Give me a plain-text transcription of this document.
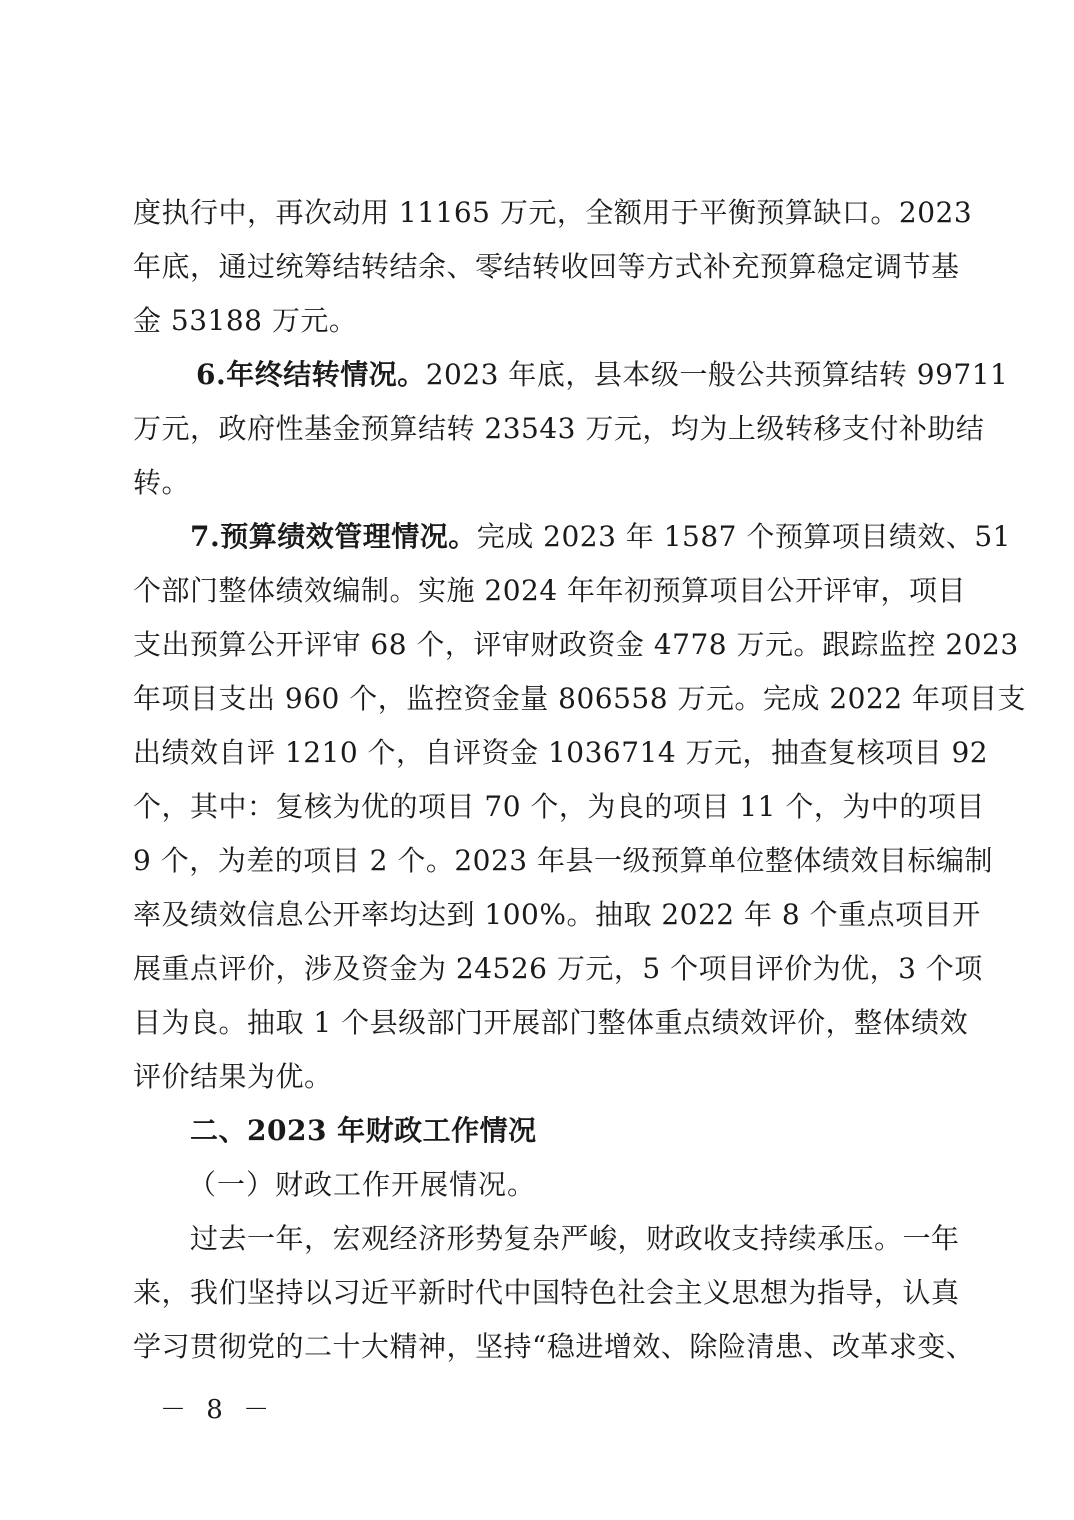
度执行中，再次动用 11165 万元，全额用于平衡预算缺口。2023
年底，通过统筹结转结余、零结转收回等方式补充预算稳定调节基
金 53188 万元。
6.年终结转情况。2023 年底，县本级一般公共预算结转 99711
万元，政府性基金预算结转 23543 万元，均为上级转移支付补助结
转。
7.预算绩效管理情况。完成 2023 年 1587 个预算项目绩效、51
个部门整体绩效编制。实施 2024 年年初预算项目公开评审，项目
支出预算公开评审 68 个，评审财政资金 4778 万元。跟踪监控 2023
年项目支出 960 个，监控资金量 806558 万元。完成 2022 年项目支
出绩效自评 1210 个，自评资金 1036714 万元，抽查复核项目 92
个，其中：复核为优的项目 70 个，为良的项目 11 个，为中的项目
9 个，为差的项目 2 个。2023 年县一级预算单位整体绩效目标编制
率及绩效信息公开率均达到 100%。抽取 2022 年 8 个重点项目开
展重点评价，涉及资金为 24526 万元，5 个项目评价为优，3 个项
目为良。抽取 1 个县级部门开展部门整体重点绩效评价，整体绩效
评价结果为优。
二、2023 年财政工作情况
（一）财政工作开展情况。
过去一年，宏观经济形势复杂严峻，财政收支持续承压。一年
来，我们坚持以习近平新时代中国特色社会主义思想为指导，认真
学习贯彻党的二十大精神，坚持“稳进增效、除险清患、改革求变、
－ 8 －
